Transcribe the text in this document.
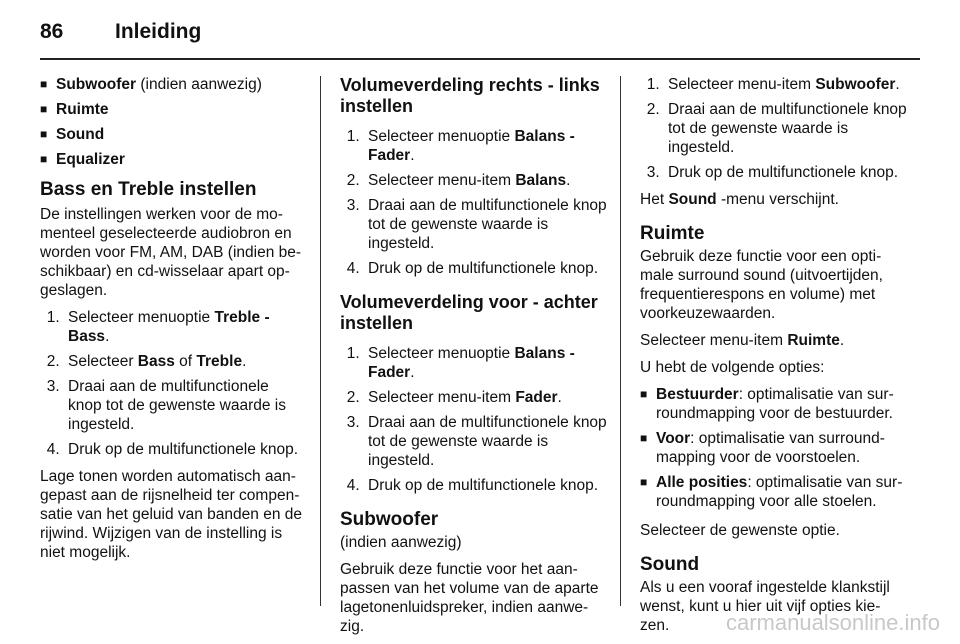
86 Inleiding
■ Subwoofer (indien aanwezig)
■ Ruimte
■ Sound
■ Equalizer
Bass en Treble instellen

De instellingen werken voor de mo-menteel geselecteerde audiobron en worden voor FM, AM, DAB (indien be-schikbaar) en cd-wisselaar apart op-geslagen.

1. Selecteer menuoptie Treble - Bass.
2. Selecteer Bass of Treble.
3. Draai aan de multifunctionele knop tot de gewenste waarde is ingesteld.
4. Druk op de multifunctionele knop.

Lage tonen worden automatisch aan-gepast aan de rijsnelheid ter compen-satie van het geluid van banden en de rijwind. Wijzigen van de instelling is niet mogelijk.

Volumeverdeling rechts - links instellen
1. Selecteer menuoptie Balans - Fader.
2. Selecteer menu-item Balans.
3. Draai aan de multifunctionele knop tot de gewenste waarde is ingesteld.
4. Druk op de multifunctionele knop.
Volumeverdeling voor - achter instellen
1. Selecteer menuoptie Balans - Fader.
2. Selecteer menu-item Fader.
3. Draai aan de multifunctionele knop tot de gewenste waarde is ingesteld.
4. Druk op de multifunctionele knop.
Subwoofer

(indien aanwezig)

Gebruik deze functie voor het aan-passen van het volume van de aparte lagetonenluidspreker, indien aanwe-zig.

1. Selecteer menu-item Subwoofer.
2. Draai aan de multifunctionele knop tot de gewenste waarde is ingesteld.
3. Druk op de multifunctionele knop.

Het Sound -menu verschijnt.

Ruimte

Gebruik deze functie voor een opti-male surround sound (uitvoertijden, frequentierespons en volume) met voorkeuzewaarden.

Selecteer menu-item Ruimte.

U hebt de volgende opties:

■ Bestuurder: optimalisatie van sur-roundmapping voor de bestuurder.
■ Voor: optimalisatie van surround-mapping voor de voorstoelen.
■ Alle posities: optimalisatie van sur-roundmapping voor alle stoelen.

Selecteer de gewenste optie.

Sound

Als u een vooraf ingestelde klankstijl wenst, kunt u hier uit vijf opties kie-zen.	carmanualsonline.info
